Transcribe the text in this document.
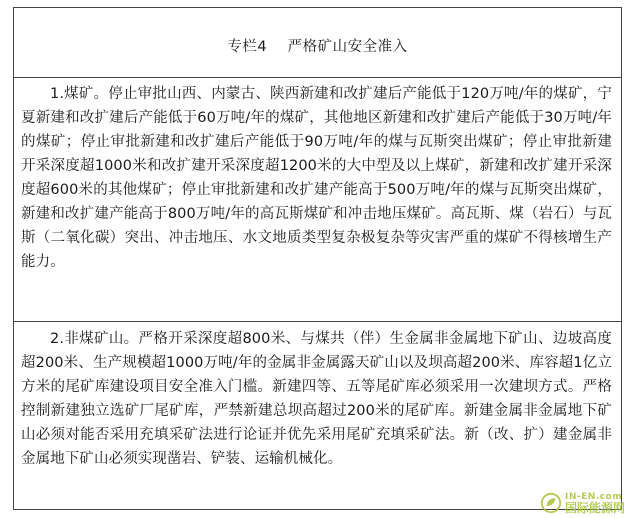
专栏4    严格矿山安全准入
1.煤矿。停止审批山西、内蒙古、陕西新建和改扩建后产能低于120万吨/年的煤矿，宁夏新建和改扩建后产能低于60万吨/年的煤矿，其他地区新建和改扩建后产能低于30万吨/年的煤矿；停止审批新建和改扩建后产能低于90万吨/年的煤与瓦斯突出煤矿；停止审批新建开采深度超1000米和改扩建开采深度超1200米的大中型及以上煤矿，新建和改扩建开采深度超600米的其他煤矿；停止审批新建和改扩建产能高于500万吨/年的煤与瓦斯突出煤矿，新建和改扩建产能高于800万吨/年的高瓦斯煤矿和冲击地压煤矿。高瓦斯、煤（岩石）与瓦斯（二氧化碳）突出、冲击地压、水文地质类型复杂极复杂等灾害严重的煤矿不得核增生产能力。
2.非煤矿山。严格开采深度超800米、与煤共（伴）生金属非金属地下矿山、边坡高度超200米、生产规模超1000万吨/年的金属非金属露天矿山以及坝高超200米、库容超1亿立方米的尾矿库建设项目安全准入门槛。新建四等、五等尾矿库必须采用一次建坝方式。严格控制新建独立选矿厂尾矿库，严禁新建总坝高超过200米的尾矿库。新建金属非金属地下矿山必须对能否采用充填采矿法进行论证并优先采用尾矿充填采矿法。新（改、扩）建金属非金属地下矿山必须实现凿岩、铲装、运输机械化。
IN-EN.com
国际能源网
